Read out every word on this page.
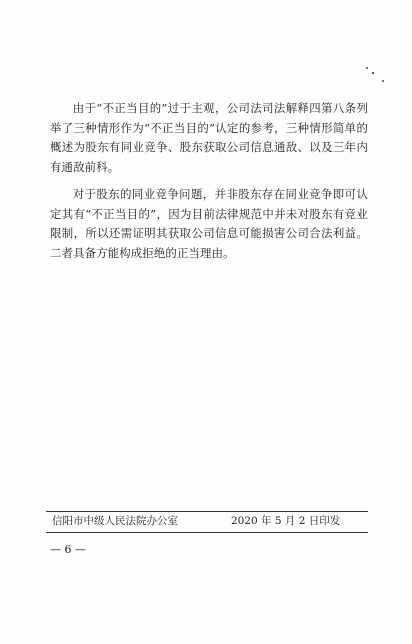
由于“不正当目的”过于主观，公司法司法解释四第八条列举了三种情形作为“不正当目的”认定的参考，三种情形简单的概述为股东有同业竞争、股东获取公司信息通敌、以及三年内有通敌前科。

对于股东的同业竞争问题，并非股东存在同业竞争即可认定其有“不正当目的”，因为目前法律规范中并未对股东有竞业限制，所以还需证明其获取公司信息可能损害公司合法利益。二者具备方能构成拒绝的正当理由。

信阳市中级人民法院办公室	2020 年 5 月 2 日印发
— 6 —
